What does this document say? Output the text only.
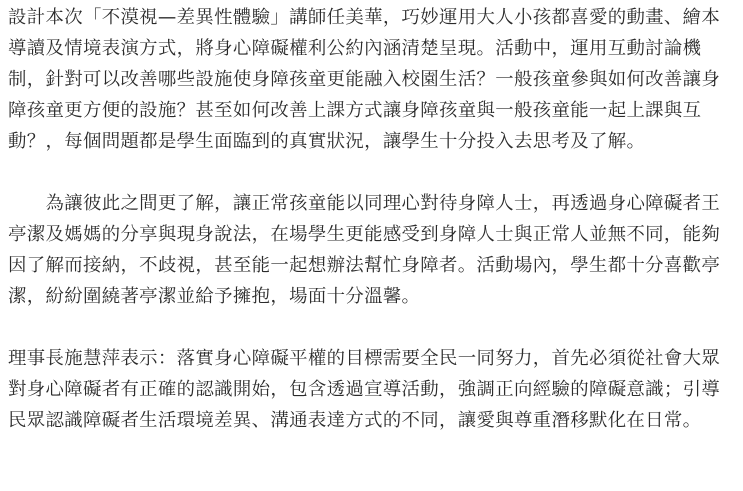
設計本次「不漠視—差異性體驗」講師任美華，巧妙運用大人小孩都喜愛的動畫、繪本
導讀及情境表演方式，將身心障礙權利公約內涵清楚呈現。活動中，運用互動討論機
制，針對可以改善哪些設施使身障孩童更能融入校園生活？一般孩童參與如何改善讓身
障孩童更方便的設施？甚至如何改善上課方式讓身障孩童與一般孩童能一起上課與互
動？，每個問題都是學生面臨到的真實狀況，讓學生十分投入去思考及了解。
　　為讓彼此之間更了解，讓正常孩童能以同理心對待身障人士，再透過身心障礙者王
亭潔及媽媽的分享與現身說法，在場學生更能感受到身障人士與正常人並無不同，能夠
因了解而接納，不歧視，甚至能一起想辦法幫忙身障者。活動場內，學生都十分喜歡亭
潔，紛紛圍繞著亭潔並給予擁抱，場面十分溫馨。
理事長施慧萍表示：落實身心障礙平權的目標需要全民一同努力，首先必須從社會大眾
對身心障礙者有正確的認識開始，包含透過宣導活動，強調正向經驗的障礙意識；引導
民眾認識障礙者生活環境差異、溝通表達方式的不同，讓愛與尊重潛移默化在日常。
